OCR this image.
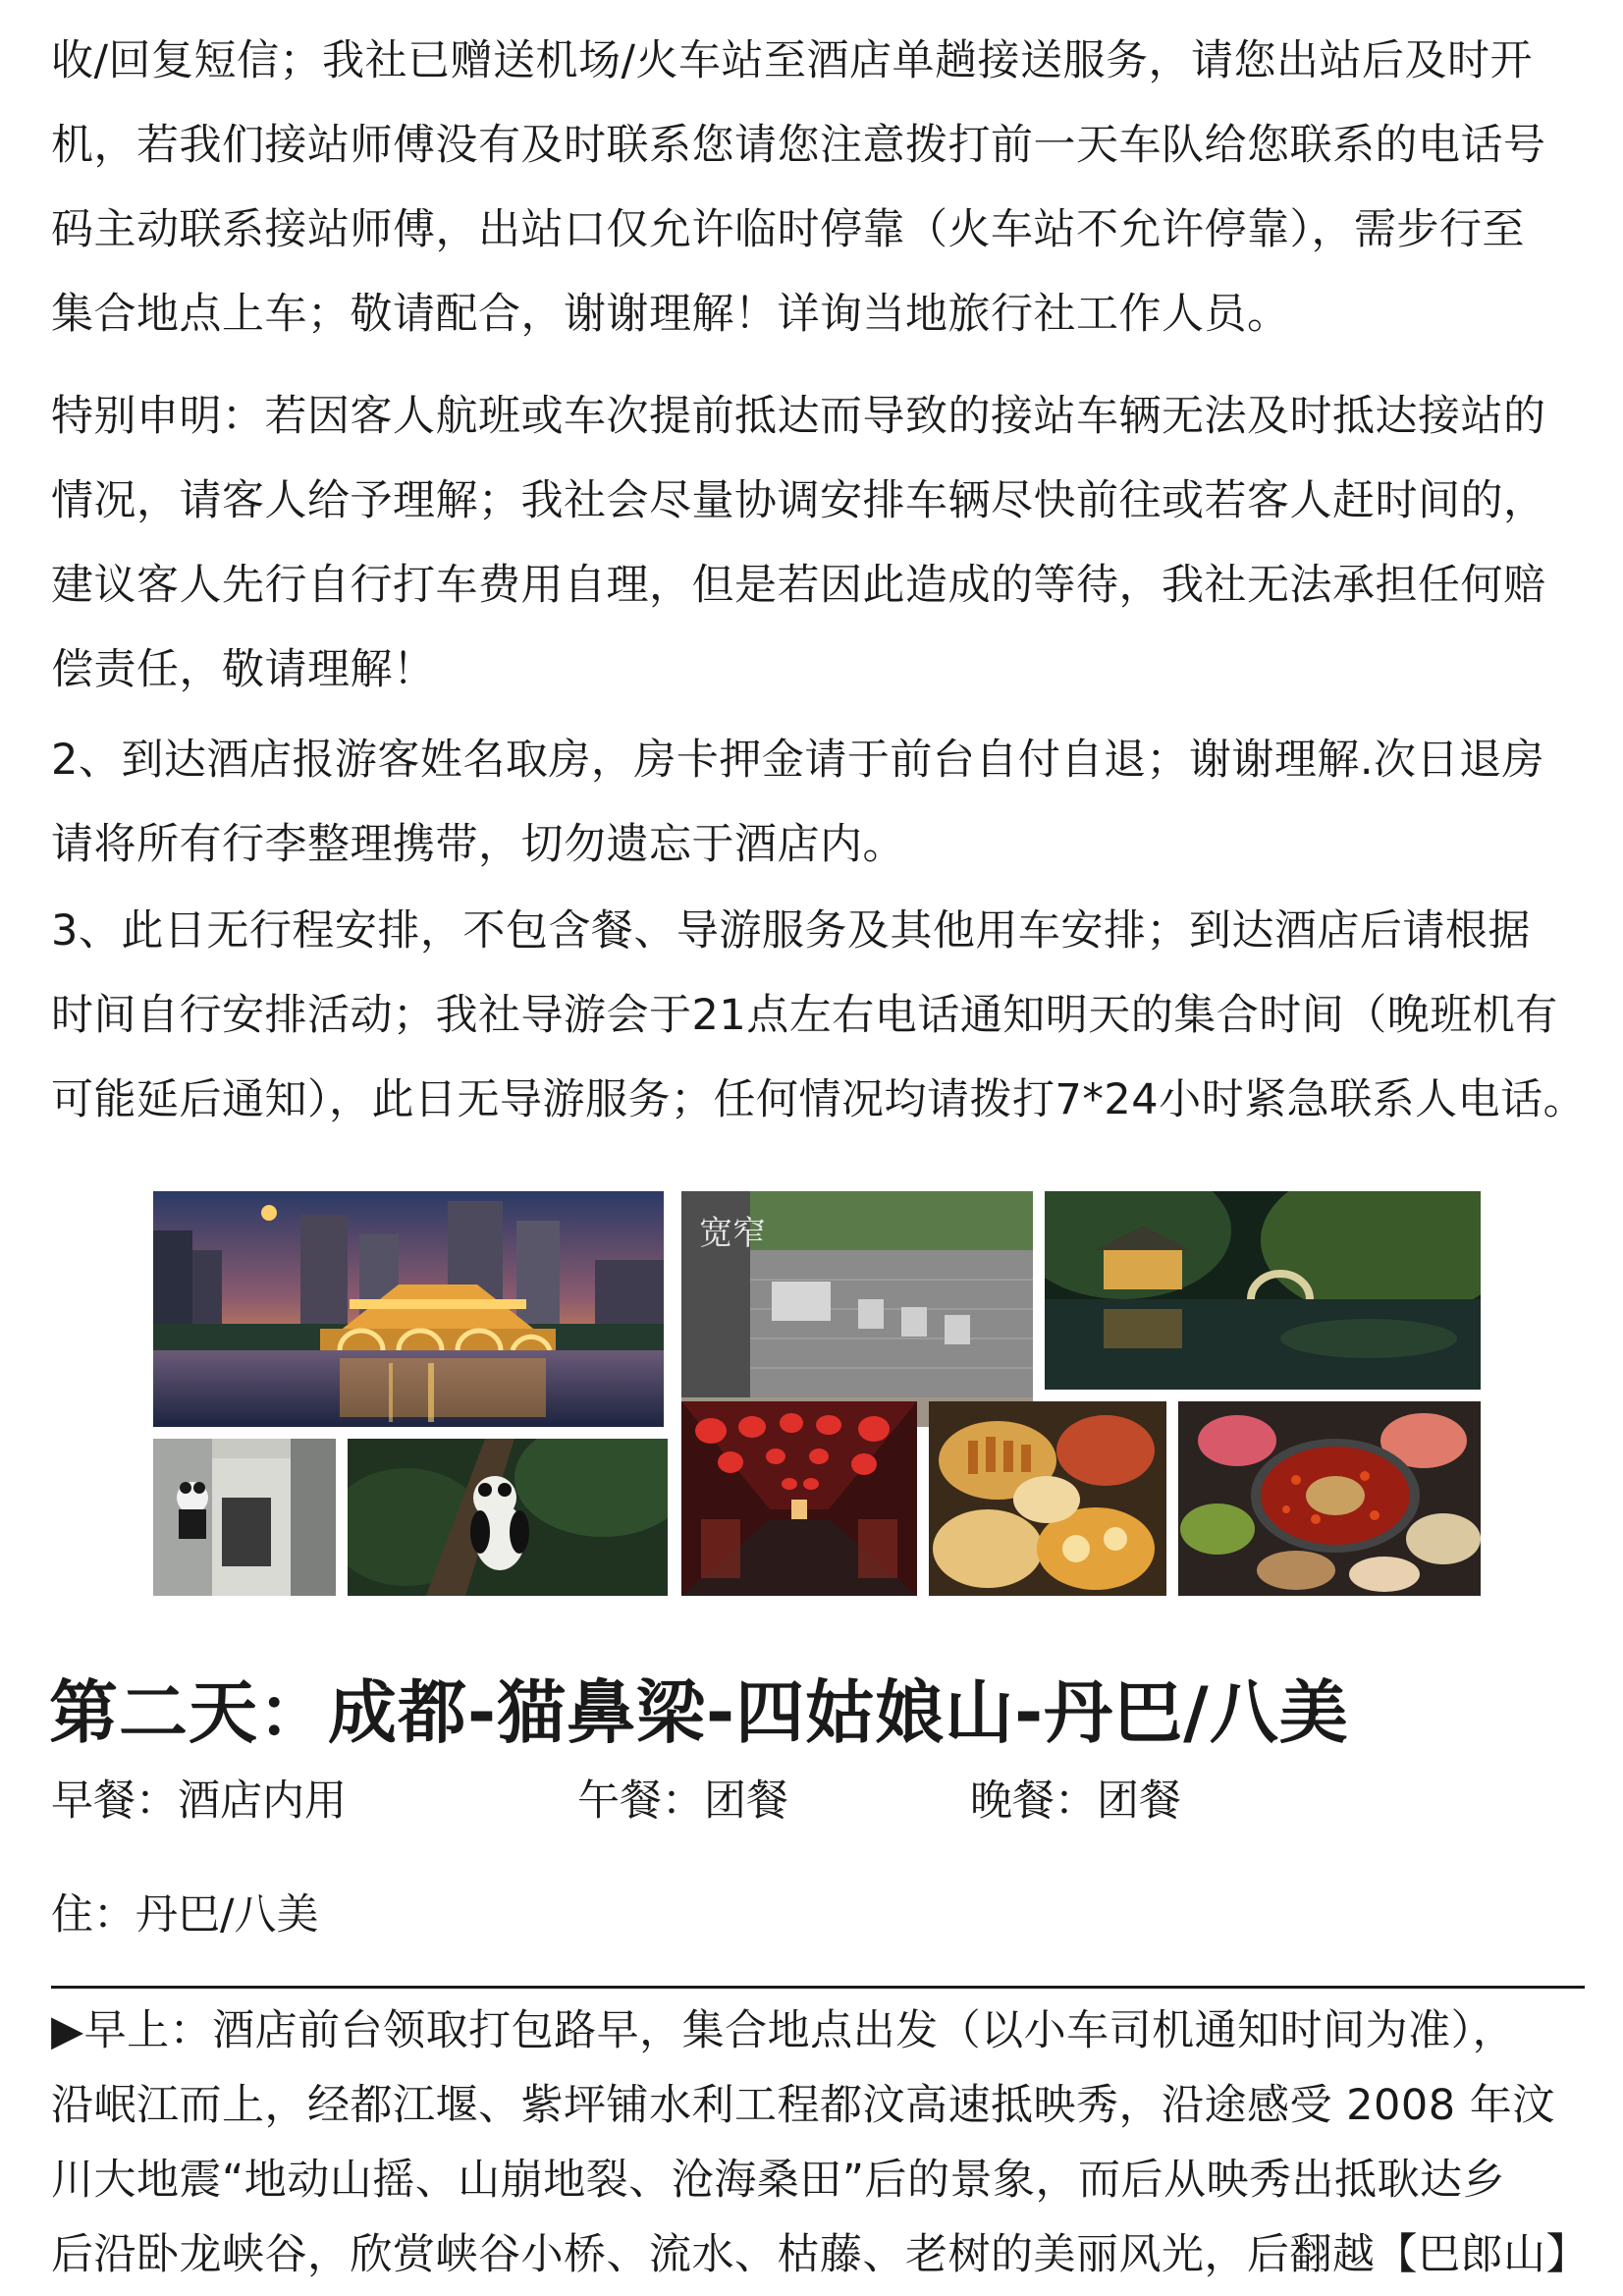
收/回复短信；我社已赠送机场/火车站至酒店单趟接送服务，请您出站后及时开
机，若我们接站师傅没有及时联系您请您注意拨打前一天车队给您联系的电话号
码主动联系接站师傅，出站口仅允许临时停靠（火车站不允许停靠），需步行至
集合地点上车；敬请配合，谢谢理解！详询当地旅行社工作人员。
特别申明：若因客人航班或车次提前抵达而导致的接站车辆无法及时抵达接站的
情况，请客人给予理解；我社会尽量协调安排车辆尽快前往或若客人赶时间的，
建议客人先行自行打车费用自理，但是若因此造成的等待，我社无法承担任何赔
偿责任，敬请理解！
2、到达酒店报游客姓名取房，房卡押金请于前台自付自退；谢谢理解.次日退房
请将所有行李整理携带，切勿遗忘于酒店内。
3、此日无行程安排，不包含餐、导游服务及其他用车安排；到达酒店后请根据
时间自行安排活动；我社导游会于21点左右电话通知明天的集合时间（晚班机有
可能延后通知），此日无导游服务；任何情况均请拨打7*24小时紧急联系人电话。
宽窄
第二天：成都-猫鼻梁-四姑娘山-丹巴/八美
早餐：酒店内用	午餐：团餐	晚餐：团餐
住：丹巴/八美
▶早上：酒店前台领取打包路早，集合地点出发（以小车司机通知时间为准），
沿岷江而上，经都江堰、紫坪铺水利工程都汶高速抵映秀，沿途感受 2008 年汶
川大地震“地动山摇、山崩地裂、沧海桑田”后的景象，而后从映秀出抵耿达乡
后沿卧龙峡谷，欣赏峡谷小桥、流水、枯藤、老树的美丽风光，后翻越【巴郎山】
